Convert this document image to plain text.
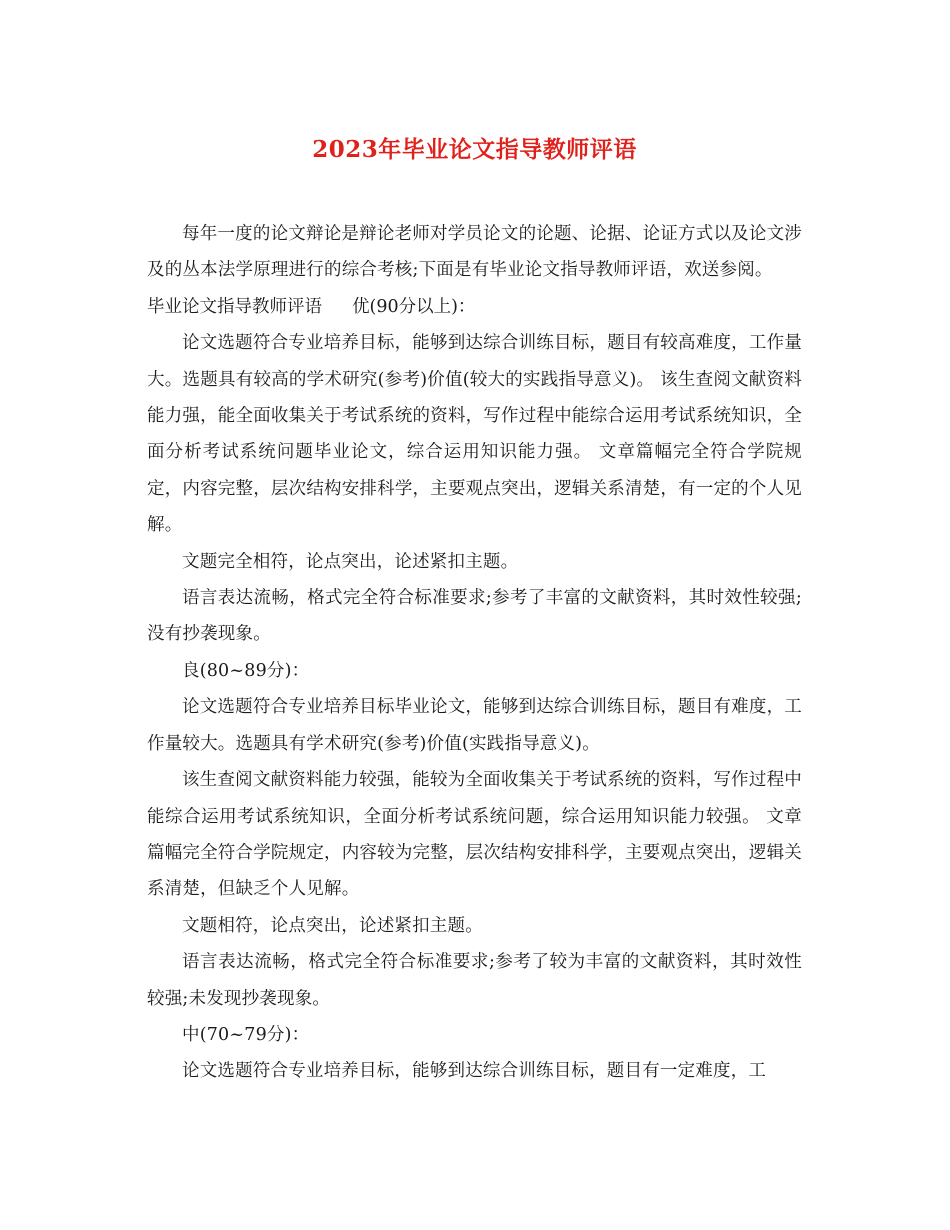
2023年毕业论文指导教师评语

每年一度的论文辩论是辩论老师对学员论文的论题、论据、论证方式以及论文涉及的丛本法学原理进行的综合考核;下面是有毕业论文指导教师评语，欢送参阅。

毕业论文指导教师评语 优(90分以上)：

论文选题符合专业培养目标，能够到达综合训练目标，题目有较高难度，工作量大。选题具有较高的学术研究(参考)价值(较大的实践指导意义)。 该生查阅文献资料能力强，能全面收集关于考试系统的资料，写作过程中能综合运用考试系统知识，全面分析考试系统问题毕业论文，综合运用知识能力强。 文章篇幅完全符合学院规定，内容完整，层次结构安排科学，主要观点突出，逻辑关系清楚，有一定的个人见解。

文题完全相符，论点突出，论述紧扣主题。

语言表达流畅，格式完全符合标准要求;参考了丰富的文献资料，其时效性较强;没有抄袭现象。

良(80~89分)：

论文选题符合专业培养目标毕业论文，能够到达综合训练目标，题目有难度，工作量较大。选题具有学术研究(参考)价值(实践指导意义)。

该生查阅文献资料能力较强，能较为全面收集关于考试系统的资料，写作过程中能综合运用考试系统知识，全面分析考试系统问题，综合运用知识能力较强。 文章篇幅完全符合学院规定，内容较为完整，层次结构安排科学，主要观点突出，逻辑关系清楚，但缺乏个人见解。

文题相符，论点突出，论述紧扣主题。

语言表达流畅，格式完全符合标准要求;参考了较为丰富的文献资料，其时效性较强;未发现抄袭现象。

中(70~79分)：

论文选题符合专业培养目标，能够到达综合训练目标，题目有一定难度，工
